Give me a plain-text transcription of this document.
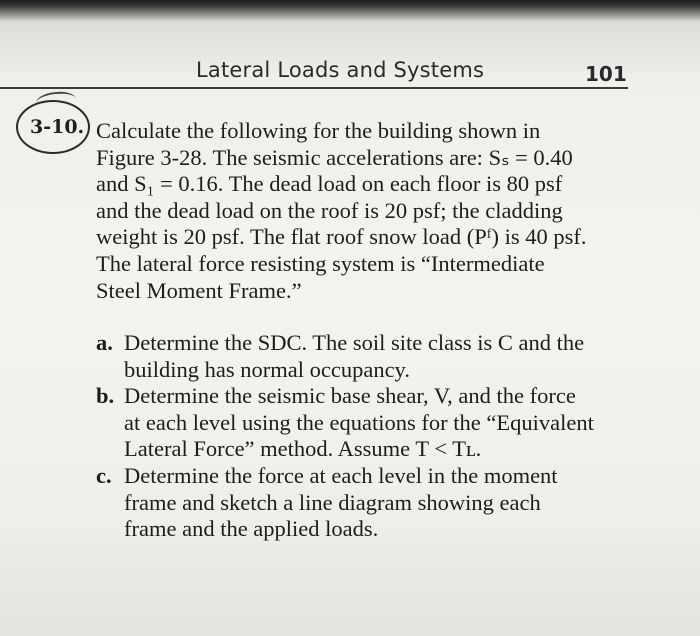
Lateral Loads and Systems	101
3-10. Calculate the following for the building shown in
Figure 3-28. The seismic accelerations are: Sₛ = 0.40
and S₁ = 0.16. The dead load on each floor is 80 psf
and the dead load on the roof is 20 psf; the cladding
weight is 20 psf. The flat roof snow load (Pᶠ) is 40 psf.
The lateral force resisting system is “Intermediate
Steel Moment Frame.”
a. Determine the SDC. The soil site class is C and the
building has normal occupancy.
b. Determine the seismic base shear, V, and the force
at each level using the equations for the “Equivalent
Lateral Force” method. Assume T < Tʟ.
c. Determine the force at each level in the moment
frame and sketch a line diagram showing each
frame and the applied loads.
